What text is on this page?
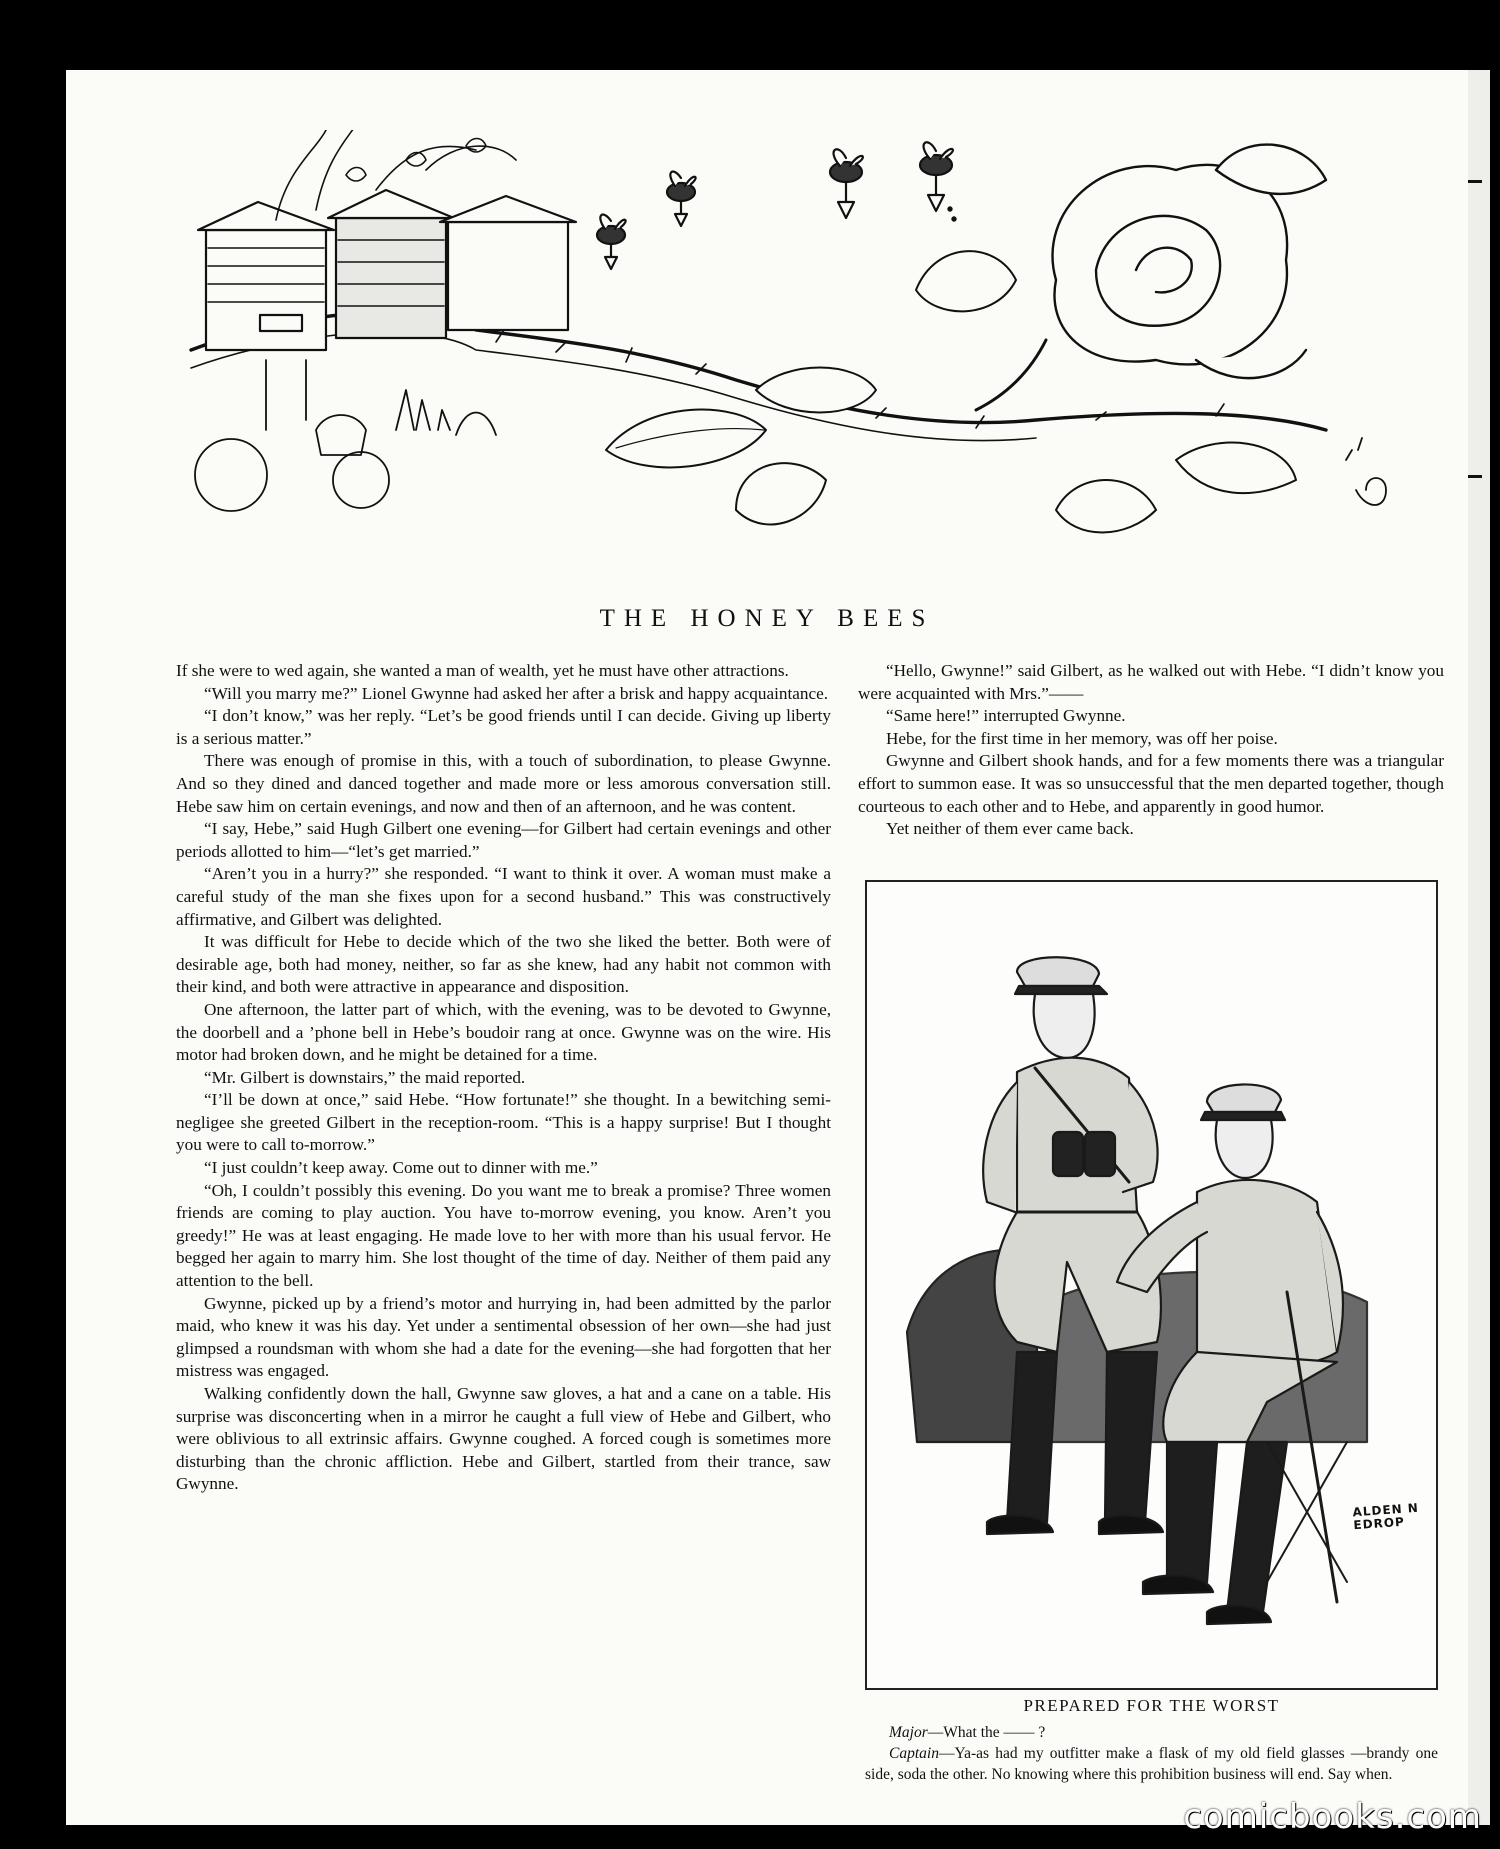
THE HONEY BEES

If she were to wed again, she wanted a man of wealth, yet he must have other attractions.

“Will you marry me?” Lionel Gwynne had asked her after a brisk and happy acquaintance.

“I don’t know,” was her reply. “Let’s be good friends until I can decide. Giving up liberty is a serious matter.”

There was enough of promise in this, with a touch of subordination, to please Gwynne. And so they dined and danced together and made more or less amorous conversation still. Hebe saw him on certain evenings, and now and then of an afternoon, and he was content.

“I say, Hebe,” said Hugh Gilbert one evening—for Gilbert had certain evenings and other periods allotted to him—“let’s get married.”

“Aren’t you in a hurry?” she responded. “I want to think it over. A woman must make a careful study of the man she fixes upon for a second husband.” This was constructively affirmative, and Gilbert was delighted.

It was difficult for Hebe to decide which of the two she liked the better. Both were of desirable age, both had money, neither, so far as she knew, had any habit not common with their kind, and both were attractive in appearance and disposition.

One afternoon, the latter part of which, with the evening, was to be devoted to Gwynne, the doorbell and a ’phone bell in Hebe’s boudoir rang at once. Gwynne was on the wire. His motor had broken down, and he might be detained for a time.

“Mr. Gilbert is downstairs,” the maid reported.

“I’ll be down at once,” said Hebe. “How fortunate!” she thought. In a bewitching semi-negligee she greeted Gilbert in the reception-room. “This is a happy surprise! But I thought you were to call to-morrow.”

“I just couldn’t keep away. Come out to dinner with me.”

“Oh, I couldn’t possibly this evening. Do you want me to break a promise? Three women friends are coming to play auction. You have to-morrow evening, you know. Aren’t you greedy!” He was at least engaging. He made love to her with more than his usual fervor. He begged her again to marry him. She lost thought of the time of day. Neither of them paid any attention to the bell.

Gwynne, picked up by a friend’s motor and hurrying in, had been admitted by the parlor maid, who knew it was his day. Yet under a sentimental obsession of her own—she had just glimpsed a roundsman with whom she had a date for the evening—she had forgotten that her mistress was engaged.

Walking confidently down the hall, Gwynne saw gloves, a hat and a cane on a table. His surprise was disconcerting when in a mirror he caught a full view of Hebe and Gilbert, who were oblivious to all extrinsic affairs. Gwynne coughed. A forced cough is sometimes more disturbing than the chronic affliction. Hebe and Gilbert, startled from their trance, saw Gwynne.

“Hello, Gwynne!” said Gilbert, as he walked out with Hebe. “I didn’t know you were acquainted with Mrs.”——

“Same here!” interrupted Gwynne.

Hebe, for the first time in her memory, was off her poise.

Gwynne and Gilbert shook hands, and for a few moments there was a triangular effort to summon ease. It was so unsuccessful that the men departed together, though courteous to each other and to Hebe, and apparently in good humor.

Yet neither of them ever came back.

ALDEN N
EDROP
PREPARED FOR THE WORST

Major—What the —— ?

Captain—Ya-as had my outfitter make a flask of my old field glasses —brandy one side, soda the other. No knowing where this prohibition business will end. Say when.

comicbooks.com
